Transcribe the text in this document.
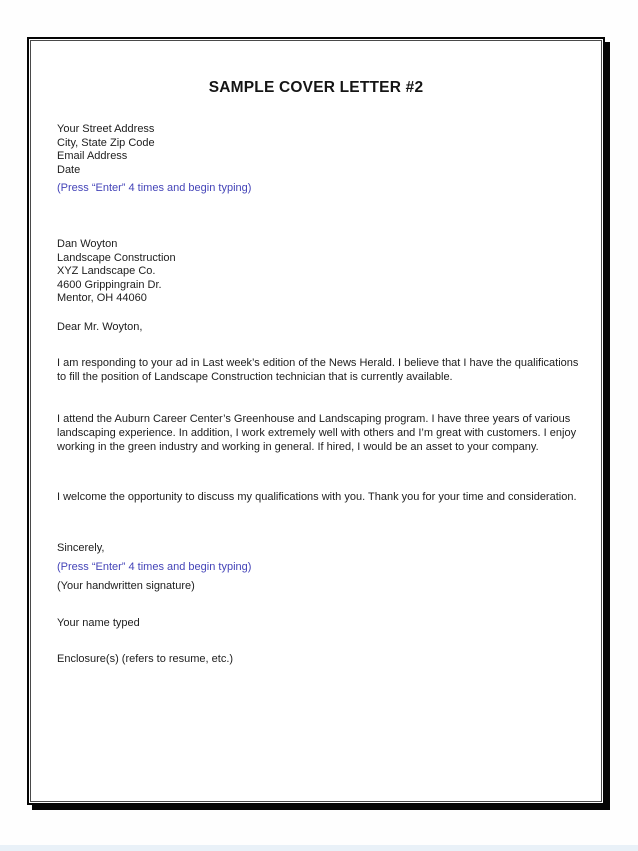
SAMPLE COVER LETTER #2
Your Street Address
City, State Zip Code
Email Address
Date
(Press “Enter” 4 times and begin typing)
Dan Woyton
Landscape Construction
XYZ Landscape Co.
4600 Grippingrain Dr.
Mentor, OH 44060
Dear Mr. Woyton,
I am responding to your ad in Last week’s edition of the News Herald. I believe that I have the qualifications to fill the position of Landscape Construction technician that is currently available.
I attend the Auburn Career Center’s Greenhouse and Landscaping program. I have three years of various landscaping experience. In addition, I work extremely well with others and I’m great with customers. I enjoy working in the green industry and working in general. If hired, I would be an asset to your company.
I welcome the opportunity to discuss my qualifications with you. Thank you for your time and consideration.
Sincerely,
(Press “Enter” 4 times and begin typing)
(Your handwritten signature)
Your name typed
Enclosure(s) (refers to resume, etc.)
